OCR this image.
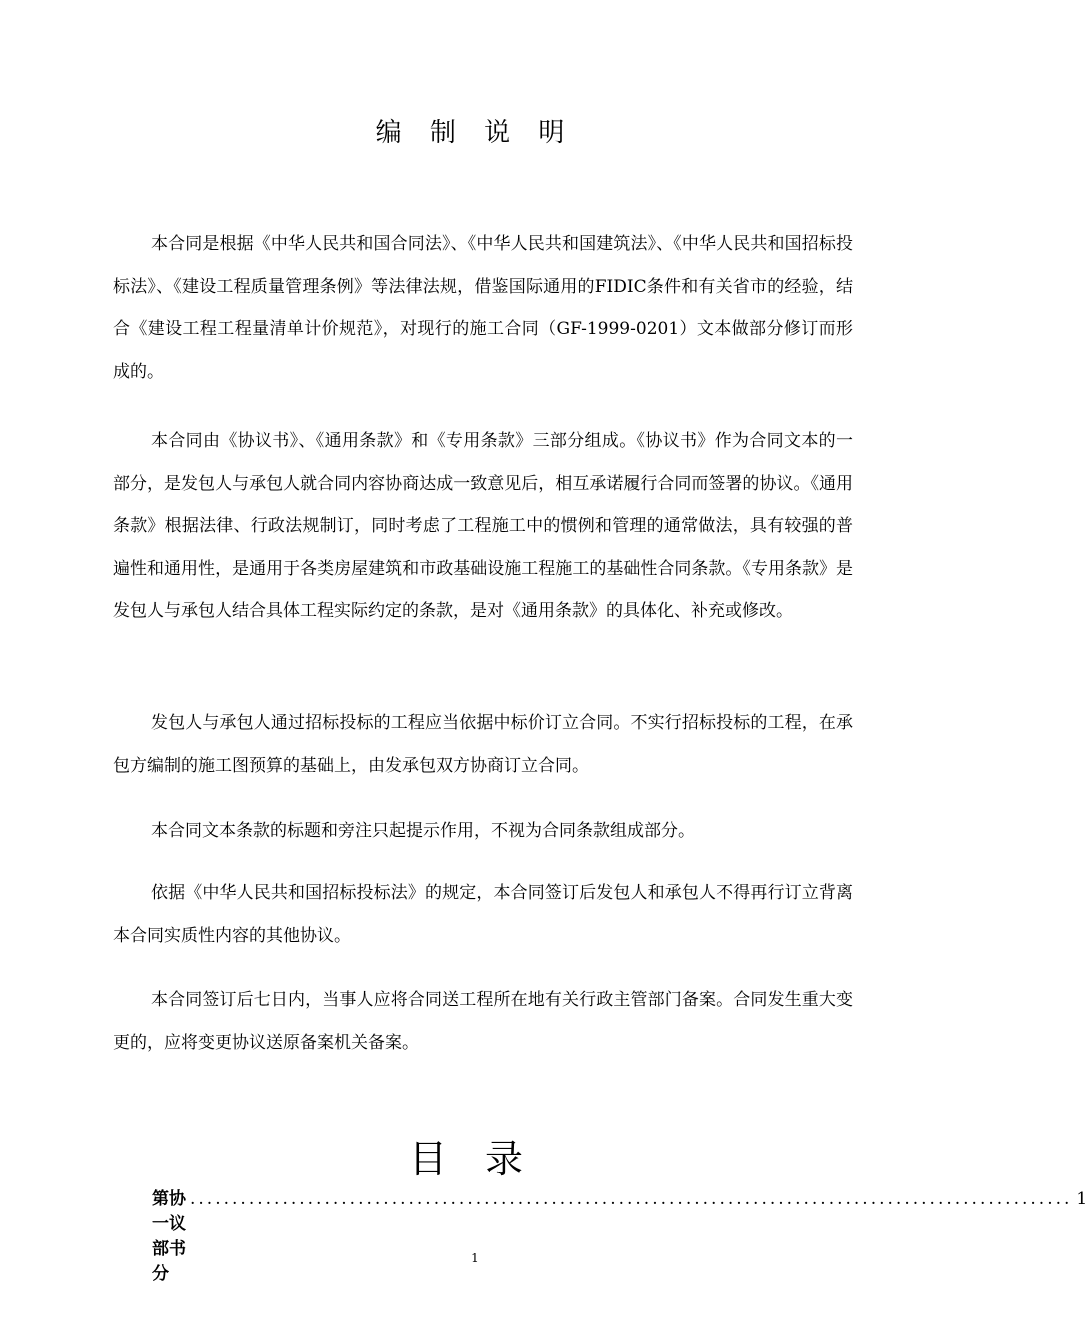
编 制 说 明

本合同是根据《中华人民共和国合同法》、《中华人民共和国建筑法》、《中华人民共和国招标投标法》、《建设工程质量管理条例》等法律法规，借鉴国际通用的FIDIC条件和有关省市的经验，结合《建设工程工程量清单计价规范》，对现行的施工合同（GF-1999-0201）文本做部分修订而形成的。

本合同由《协议书》、《通用条款》和《专用条款》三部分组成。《协议书》作为合同文本的一部分，是发包人与承包人就合同内容协商达成一致意见后，相互承诺履行合同而签署的协议。《通用条款》根据法律、行政法规制订，同时考虑了工程施工中的惯例和管理的通常做法，具有较强的普遍性和通用性，是通用于各类房屋建筑和市政基础设施工程施工的基础性合同条款。《专用条款》是发包人与承包人结合具体工程实际约定的条款，是对《通用条款》的具体化、补充或修改。

发包人与承包人通过招标投标的工程应当依据中标价订立合同。不实行招标投标的工程，在承包方编制的施工图预算的基础上，由发承包双方协商订立合同。

本合同文本条款的标题和旁注只起提示作用，不视为合同条款组成部分。

依据《中华人民共和国招标投标法》的规定，本合同签订后发包人和承包人不得再行订立背离本合同实质性内容的其他协议。

本合同签订后七日内，当事人应将合同送工程所在地有关行政主管部门备案。合同发生重大变更的，应将变更协议送原备案机关备案。

目录
第一部分
协议书
......................................................................................................... 1
1
